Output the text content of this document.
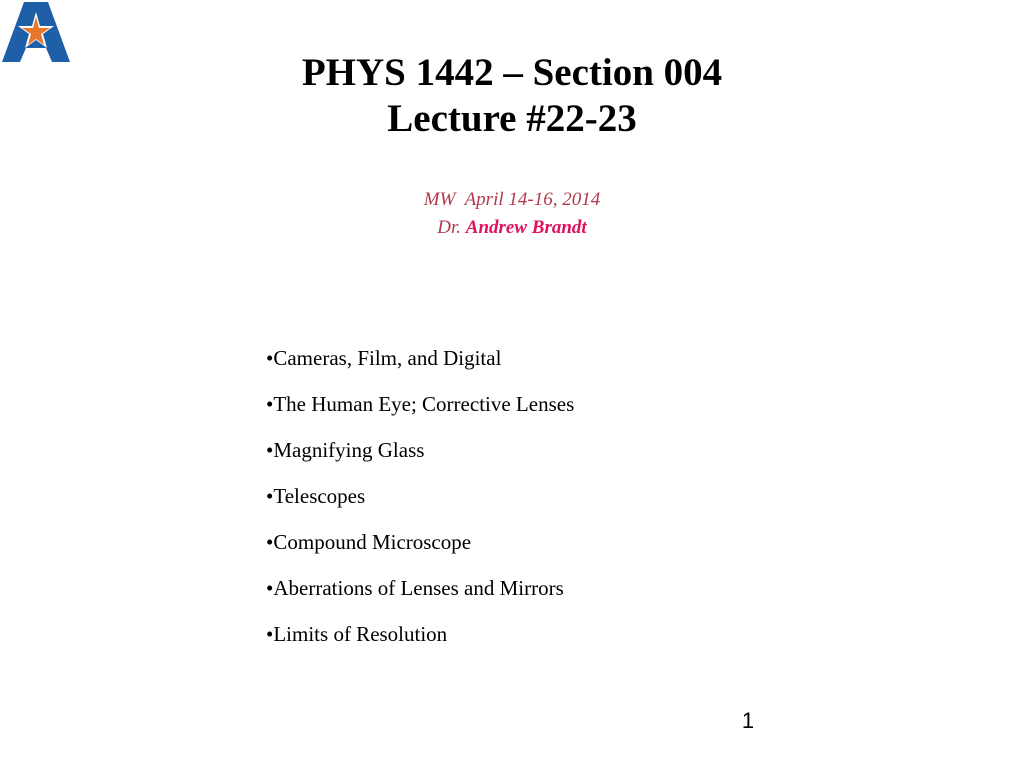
PHYS 1442 – Section 004
Lecture #22-23
MW  April 14-16, 2014
Dr. Andrew Brandt
•Cameras, Film, and Digital
•The Human Eye; Corrective Lenses
•Magnifying Glass
•Telescopes
•Compound Microscope
•Aberrations of Lenses and Mirrors
•Limits of Resolution
1
